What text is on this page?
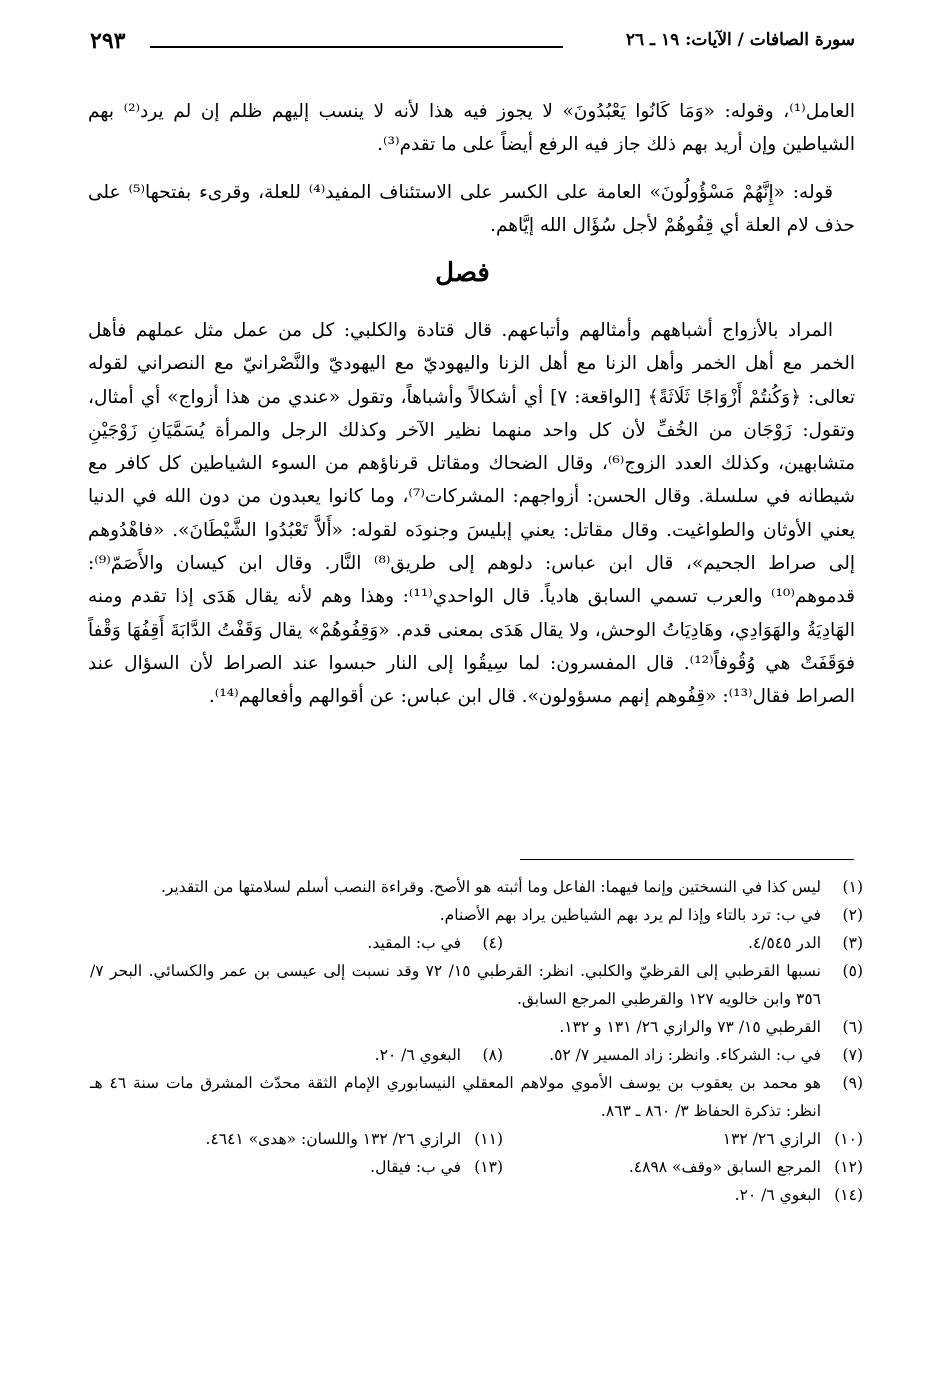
سورة الصافات / الآيات: ١٩ ـ ٢٦
٢٩٣

العامل⁽¹⁾، وقوله: «وَمَا كَانُوا يَعْبُدُونَ» لا يجوز فيه هذا لأنه لا ينسب إليهم ظلم إن لم يرد⁽²⁾ بهم الشياطين وإن أريد بهم ذلك جاز فيه الرفع أيضاً على ما تقدم⁽³⁾.

قوله: «إِنَّهُمْ مَسْؤُولُونَ» العامة على الكسر على الاستئناف المفيد⁽⁴⁾ للعلة، وقرىء بفتحها⁽⁵⁾ على حذف لام العلة أي قِفُوهُمْ لأجل سُؤَال الله إيَّاهم.

فصل

المراد بالأزواج أشباههم وأمثالهم وأتباعهم. قال قتادة والكلبي: كل من عمل مثل عملهم فأهل الخمر مع أهل الخمر وأهل الزنا مع أهل الزنا واليهوديّ مع اليهوديّ والنَّصْرانيّ مع النصراني لقوله تعالى: ﴿وَكُنتُمْ أَزْوَاجًا ثَلَاثَةً﴾ [الواقعة: ٧] أي أشكالاً وأشباهاً، وتقول «عندي من هذا أزواج» أي أمثال، وتقول: زَوْجَان من الخُفِّ لأن كل واحد منهما نظير الآخر وكذلك الرجل والمرأة يُسَمَّيَانِ زَوْجَيْنِ متشابهين، وكذلك العدد الزوج⁽⁶⁾، وقال الضحاك ومقاتل قرناؤهم من السوء الشياطين كل كافر مع شيطانه في سلسلة. وقال الحسن: أزواجهم: المشركات⁽⁷⁾، وما كانوا يعبدون من دون الله في الدنيا يعني الأوثان والطواغيت. وقال مقاتل: يعني إبليسَ وجنودَه لقوله: «أَلاَّ تَعْبُدُوا الشَّيْطَانَ». «فاهْدُوهم إلى صراط الجحيم»، قال ابن عباس: دلوهم إلى طريق⁽⁸⁾ النَّار. وقال ابن كيسان والأَصَمّ⁽⁹⁾: قدموهم⁽¹⁰⁾ والعرب تسمي السابق هادياً. قال الواحدي⁽¹¹⁾: وهذا وهم لأنه يقال هَدَى إذا تقدم ومنه الهَادِيَةُ والهَوَادِي، وهَادِيَاتُ الوحش، ولا يقال هَدَى بمعنى قدم. «وَقِفُوهُمْ» يقال وَقَفْتُ الدَّابَةَ أَقِفُهَا وَقْفاً فوَقَفَتْ هي وُقُوفاً⁽¹²⁾. قال المفسرون: لما سِيقُوا إلى النار حبسوا عند الصراط لأن السؤال عند الصراط فقال⁽¹³⁾: «قِفُوهم إنهم مسؤولون». قال ابن عباس: عن أقوالهم وأفعالهم⁽¹⁴⁾.

(١)
ليس كذا في النسختين وإنما فيهما: الفاعل وما أثبته هو الأصح. وقراءة النصب أسلم لسلامتها من التقدير.
(٢)
في ب: ترد بالتاء وإذا لم يرد بهم الشياطين يراد بهم الأصنام.
(٣)
الدر ٤/٥٤٥.
(٤)
في ب: المقيد.
(٥)
نسبها القرطبي إلى القرظيّ والكلبي. انظر: القرطبي ١٥/ ٧٢ وقد نسبت إلى عيسى بن عمر والكسائي. البحر ٧/ ٣٥٦ وابن خالويه ١٢٧ والقرطبي المرجع السابق.
(٦)
القرطبي ١٥/ ٧٣ والرازي ٢٦/ ١٣١ و ١٣٢.
(٧)
في ب: الشركاء. وانظر: زاد المسير ٧/ ٥٢.
(٨)
البغوي ٦/ ٢٠.
(٩)
هو محمد بن يعقوب بن يوسف الأموي مولاهم المعقلي النيسابوري الإمام الثقة محدّث المشرق مات سنة ٤٦ هـ انظر: تذكرة الحفاظ ٣/ ٨٦٠ ـ ٨٦٣.
(١٠)
الرازي ٢٦/ ١٣٢
(١١)
الرازي ٢٦/ ١٣٢ واللسان: «هدى» ٤٦٤١.
(١٢)
المرجع السابق «وقف» ٤٨٩٨.
(١٣)
في ب: فيقال.
(١٤)
البغوي ٦/ ٢٠.
